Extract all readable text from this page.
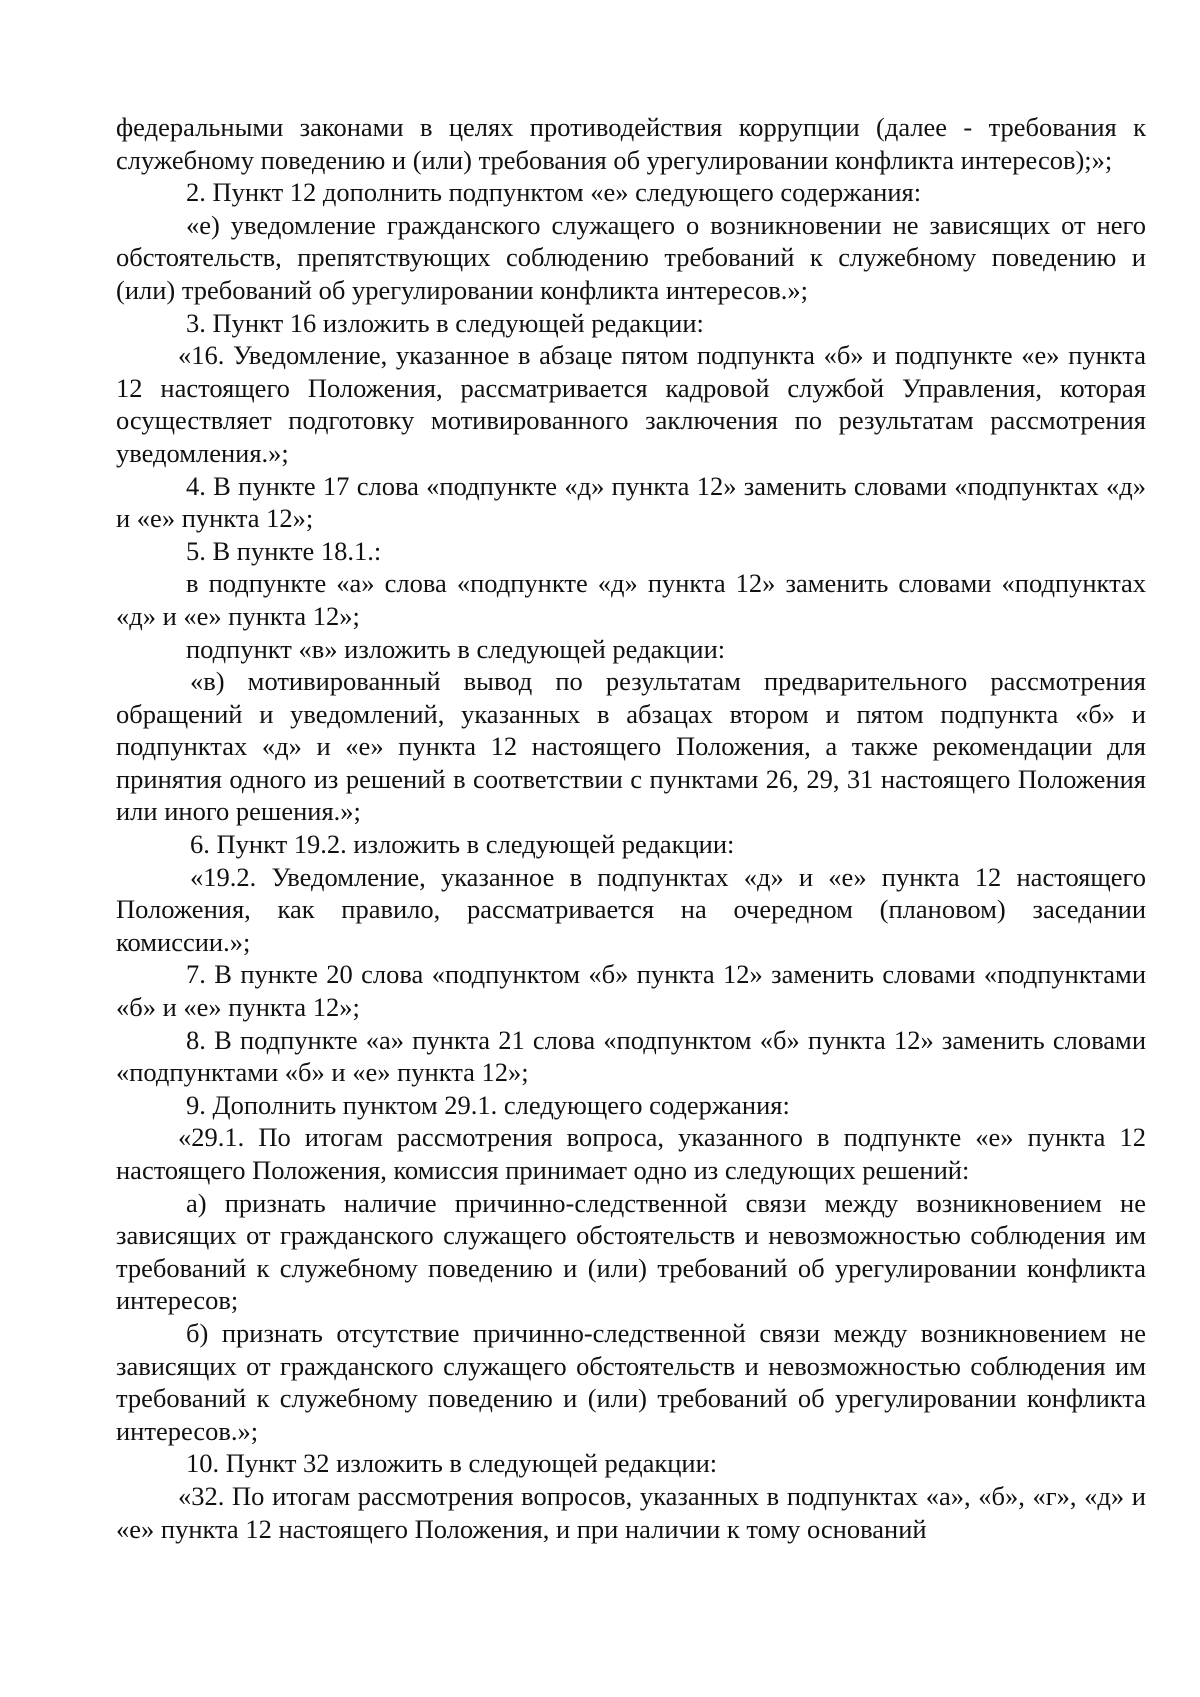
федеральными законами в целях противодействия коррупции (далее - требования к служебному поведению и (или) требования об урегулировании конфликта интересов);»;

2. Пункт 12 дополнить подпунктом «е» следующего содержания:

«е) уведомление гражданского служащего о возникновении не зависящих от него обстоятельств, препятствующих соблюдению требований к служебному поведению и (или) требований об урегулировании конфликта интересов.»;

3. Пункт 16 изложить в следующей редакции:

«16. Уведомление, указанное в абзаце пятом подпункта «б» и подпункте «е» пункта 12 настоящего Положения, рассматривается кадровой службой Управления, которая осуществляет подготовку мотивированного заключения по результатам рассмотрения уведомления.»;

4. В пункте 17 слова «подпункте «д» пункта 12» заменить словами «подпунктах «д» и «е» пункта 12»;

5. В пункте 18.1.:

в подпункте «а» слова «подпункте «д» пункта 12» заменить словами «подпунктах «д» и «е» пункта 12»;

подпункт «в» изложить в следующей редакции:

«в) мотивированный вывод по результатам предварительного рассмотрения обращений и уведомлений, указанных в абзацах втором и пятом подпункта «б» и подпунктах «д» и «е» пункта 12 настоящего Положения, а также рекомендации для принятия одного из решений в соответствии с пунктами 26, 29, 31 настоящего Положения или иного решения.»;

6. Пункт 19.2. изложить в следующей редакции:

«19.2. Уведомление, указанное в подпунктах «д» и «е» пункта 12 настоящего Положения, как правило, рассматривается на очередном (плановом) заседании комиссии.»;

7. В пункте 20 слова «подпунктом «б» пункта 12» заменить словами «подпунктами «б» и «е» пункта 12»;

8. В подпункте «а» пункта 21 слова «подпунктом «б» пункта 12» заменить словами «подпунктами «б» и «е» пункта 12»;

9. Дополнить пунктом 29.1. следующего содержания:

«29.1. По итогам рассмотрения вопроса, указанного в подпункте «е» пункта 12 настоящего Положения, комиссия принимает одно из следующих решений:

а) признать наличие причинно-следственной связи между возникновением не зависящих от гражданского служащего обстоятельств и невозможностью соблюдения им требований к служебному поведению и (или) требований об урегулировании конфликта интересов;

б) признать отсутствие причинно-следственной связи между возникновением не зависящих от гражданского служащего обстоятельств и невозможностью соблюдения им требований к служебному поведению и (или) требований об урегулировании конфликта интересов.»;

10. Пункт 32 изложить в следующей редакции:

«32. По итогам рассмотрения вопросов, указанных в подпунктах «а», «б», «г», «д» и «е» пункта 12 настоящего Положения, и при наличии к тому оснований
